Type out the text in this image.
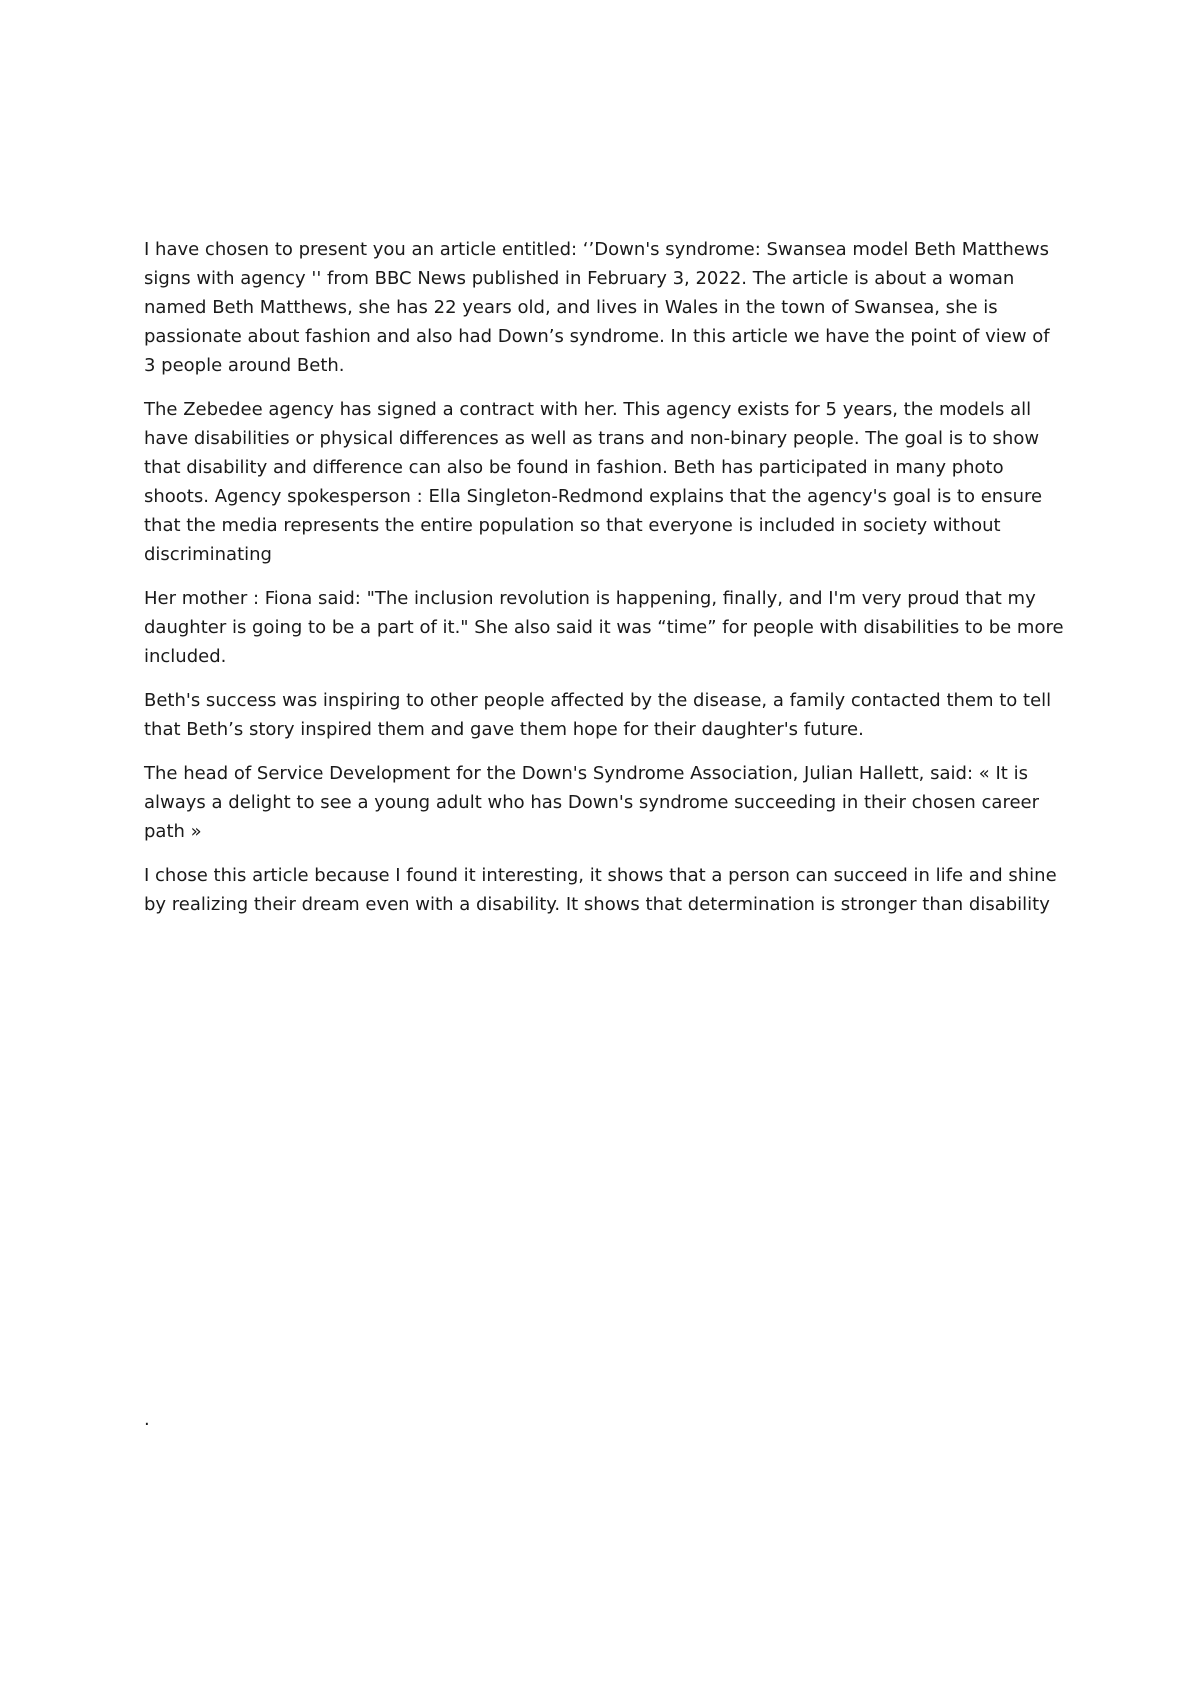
I have chosen to present you an article entitled: ‘’Down's syndrome: Swansea model Beth Matthews
signs with agency '' from BBC News published in February 3, 2022. The article is about a woman
named Beth Matthews, she has 22 years old, and lives in Wales in the town of Swansea, she is
passionate about fashion and also had Down’s syndrome. In this article we have the point of view of
3 people around Beth.

The Zebedee agency has signed a contract with her. This agency exists for 5 years, the models all
have disabilities or physical differences as well as trans and non-binary people. The goal is to show
that disability and difference can also be found in fashion. Beth has participated in many photo
shoots. Agency spokesperson : Ella Singleton-Redmond explains that the agency's goal is to ensure
that the media represents the entire population so that everyone is included in society without
discriminating

Her mother : Fiona said: "The inclusion revolution is happening, finally, and I'm very proud that my
daughter is going to be a part of it." She also said it was “time” for people with disabilities to be more
included.

Beth's success was inspiring to other people affected by the disease, a family contacted them to tell
that Beth’s story inspired them and gave them hope for their daughter's future.

The head of Service Development for the Down's Syndrome Association, Julian Hallett, said: « It is
always a delight to see a young adult who has Down's syndrome succeeding in their chosen career
path »

I chose this article because I found it interesting, it shows that a person can succeed in life and shine
by realizing their dream even with a disability. It shows that determination is stronger than disability

.
